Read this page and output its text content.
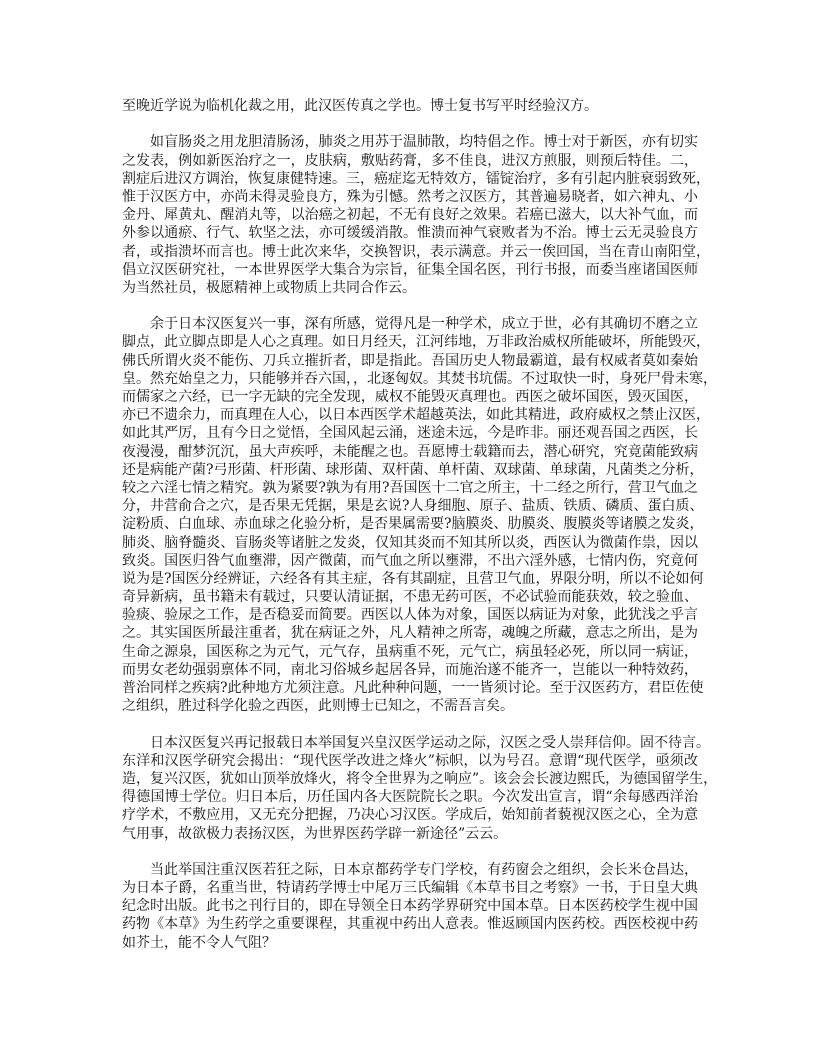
至晚近学说为临机化裁之用，此汉医传真之学也。博士复书写平时经验汉方。
如盲肠炎之用龙胆清肠汤，肺炎之用苏于温肺散，均特倡之作。博士对于新医，亦有切实
之发表，例如新医治疗之一，皮肤病，敷贴药膏，多不佳良，进汉方煎服，则预后特佳。二，
割症后进汉方调治，恢复康健特速。三，癌症迄无特效方，镭锭治疗，多有引起内脏衰弱致死，
惟于汉医方中，亦尚未得灵验良方，殊为引憾。然考之汉医方，其普遍易晓者，如六神丸、小
金丹、犀黄丸、醒消丸等，以治癌之初起，不无有良好之效果。若癌已滋大，以大补气血，而
外参以通瘀、行气、软坚之法，亦可缓缓消散。惟溃而神气衰败者为不治。博士云无灵验良方
者，或指溃坏而言也。博士此次来华，交换智识，表示满意。并云一俟回国，当在青山南阳堂，
倡立汉医研究社，一本世界医学大集合为宗旨，征集全国名医，刊行书报，而委当座诸国医师
为当然社员，极愿精神上或物质上共同合作云。
余于日本汉医复兴一事，深有所感，觉得凡是一种学术，成立于世，必有其确切不磨之立
脚点，此立脚点即是人心之真理。如日月经天，江河纬地，万非政治威权所能破坏，所能毁灭，
佛氏所谓火炎不能伤、刀兵立摧折者，即是指此。吾国历史人物最霸道，最有权威者莫如秦始
皇。然充始皇之力，只能够并吞六国，，北逐匈奴。其焚书坑儒。不过取快一时，身死尸骨未寒，
而儒家之六经，已一字无缺的完全发现，威权不能毁灭真理也。西医之破坏国医，毁灭国医，
亦已不遗余力，而真理在人心，以日本西医学术超越英法，如此其精进，政府威权之禁止汉医，
如此其严厉，且有今日之觉悟，全国风起云涌，迷途未远，今是昨非。丽还观吾国之西医，长
夜漫漫，酣梦沉沉，虽大声疾呼，未能醒之也。吾愿博士载籍而去，潜心研究，究竟菌能致病
还是病能产菌?弓形菌、杆形菌、球形菌、双杆菌、单杆菌、双球菌、单球菌，凡菌类之分析，
较之六淫七情之精究。孰为紧要?孰为有用?吾国医十二官之所主，十二经之所行，营卫气血之
分，井营俞合之穴，是否果无凭据，果是玄说?人身细胞、原子、盐质、铁质、磷质、蛋白质、
淀粉质、白血球、赤血球之化验分析，是否果属需要?脑膜炎、肋膜炎、腹膜炎等诸膜之发炎，
肺炎、脑脊髓炎、盲肠炎等诸脏之发炎，仅知其炎而不知其所以炎，西医认为微菌作祟，因以
致炎。国医归咎气血壅滞，因产微菌，而气血之所以壅滞，不出六淫外感，七情内伤，究竟何
说为是?国医分经辨证，六经各有其主症，各有其副症，且营卫气血，界限分明，所以不论如何
奇异新病，虽书籍未有载过，只要认清证据，不患无药可医，不必试验而能获效，较之验血、
验痰、验尿之工作，是否稳妥而简要。西医以人体为对象，国医以病证为对象，此犹浅之乎言
之。其实国医所最注重者，犹在病证之外，凡人精神之所寄，魂魄之所藏，意志之所出，是为
生命之源泉，国医称之为元气，元气存，虽病重不死，元气亡，病虽轻必死，所以同一病证，
而男女老幼强弱禀体不同，南北习俗城乡起居各异，而施治遂不能齐一，岂能以一种特效药，
普治同样之疾病?此种地方尤须注意。凡此种种问题，一一皆须讨论。至于汉医药方，君臣佐使
之组织，胜过科学化验之西医，此则博士已知之，不需吾言矣。
日本汉医复兴再记报载日本举国复兴皇汉医学运动之际，汉医之受人崇拜信仰。固不待言。
东洋和汉医学研究会揭出：“现代医学改进之烽火”标帜，以为号召。意谓“现代医学，亟须改
造，复兴汉医，犹如山顶举放烽火，将令全世界为之响应”。该会会长渡边熙氏，为德国留学生，
得德国博士学位。归日本后，历任国内各大医院院长之职。今次发出宣言，谓“余每感西洋治
疗学术，不敷应用，又无充分把握，乃决心习汉医。学成后，始知前者藐视汉医之心，全为意
气用事，故欲极力表扬汉医，为世界医药学辟一新途径”云云。
当此举国注重汉医若狂之际，日本京都药学专门学校，有药窗会之组织，会长米仓昌达，
为日本子爵，名重当世，特请药学博士中尾万三氏编辑《本草书目之考察》一书，于日皇大典
纪念时出版。此书之刊行目的，即在导领全日本药学界研究中国本草。日本医药校学生视中国
药物《本草》为生药学之重要课程，其重视中药出人意表。惟返顾国内医药校。西医校视中药
如芥土，能不令人气阻？
